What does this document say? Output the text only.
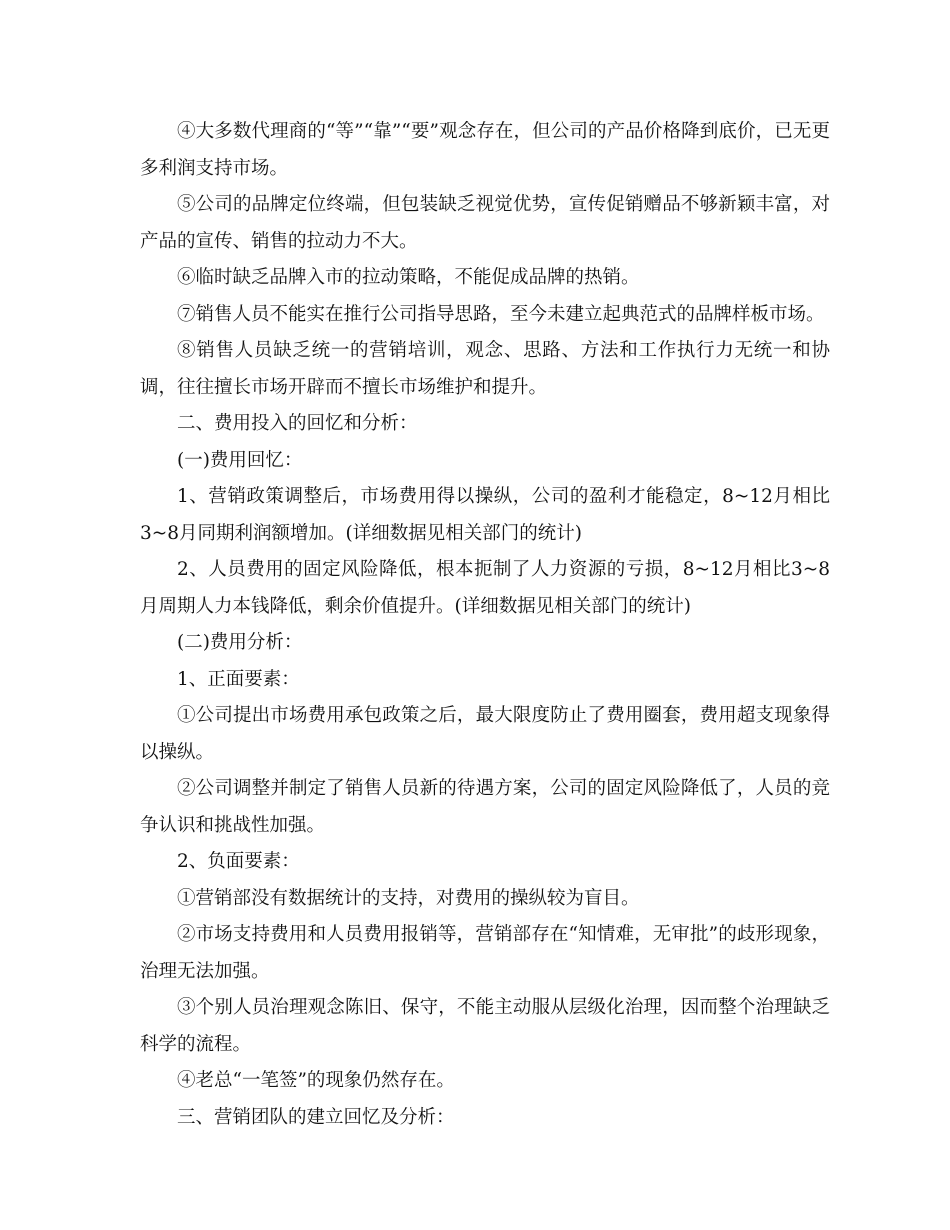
④大多数代理商的“等”“靠”“要”观念存在，但公司的产品价格降到底价，已无更多利润支持市场。

⑤公司的品牌定位终端，但包装缺乏视觉优势，宣传促销赠品不够新颖丰富，对产品的宣传、销售的拉动力不大。

⑥临时缺乏品牌入市的拉动策略，不能促成品牌的热销。

⑦销售人员不能实在推行公司指导思路，至今未建立起典范式的品牌样板市场。

⑧销售人员缺乏统一的营销培训，观念、思路、方法和工作执行力无统一和协调，往往擅长市场开辟而不擅长市场维护和提升。

二、费用投入的回忆和分析：

(一)费用回忆：

1、营销政策调整后，市场费用得以操纵，公司的盈利才能稳定，8~12月相比3~8月同期利润额增加。(详细数据见相关部门的统计)

2、人员费用的固定风险降低，根本扼制了人力资源的亏损，8~12月相比3~8月周期人力本钱降低，剩余价值提升。(详细数据见相关部门的统计)

(二)费用分析：

1、正面要素：

①公司提出市场费用承包政策之后，最大限度防止了费用圈套，费用超支现象得以操纵。

②公司调整并制定了销售人员新的待遇方案，公司的固定风险降低了，人员的竞争认识和挑战性加强。

2、负面要素：

①营销部没有数据统计的支持，对费用的操纵较为盲目。

②市场支持费用和人员费用报销等，营销部存在“知情难，无审批”的歧形现象，治理无法加强。

③个别人员治理观念陈旧、保守，不能主动服从层级化治理，因而整个治理缺乏科学的流程。

④老总“一笔签”的现象仍然存在。

三、营销团队的建立回忆及分析：
